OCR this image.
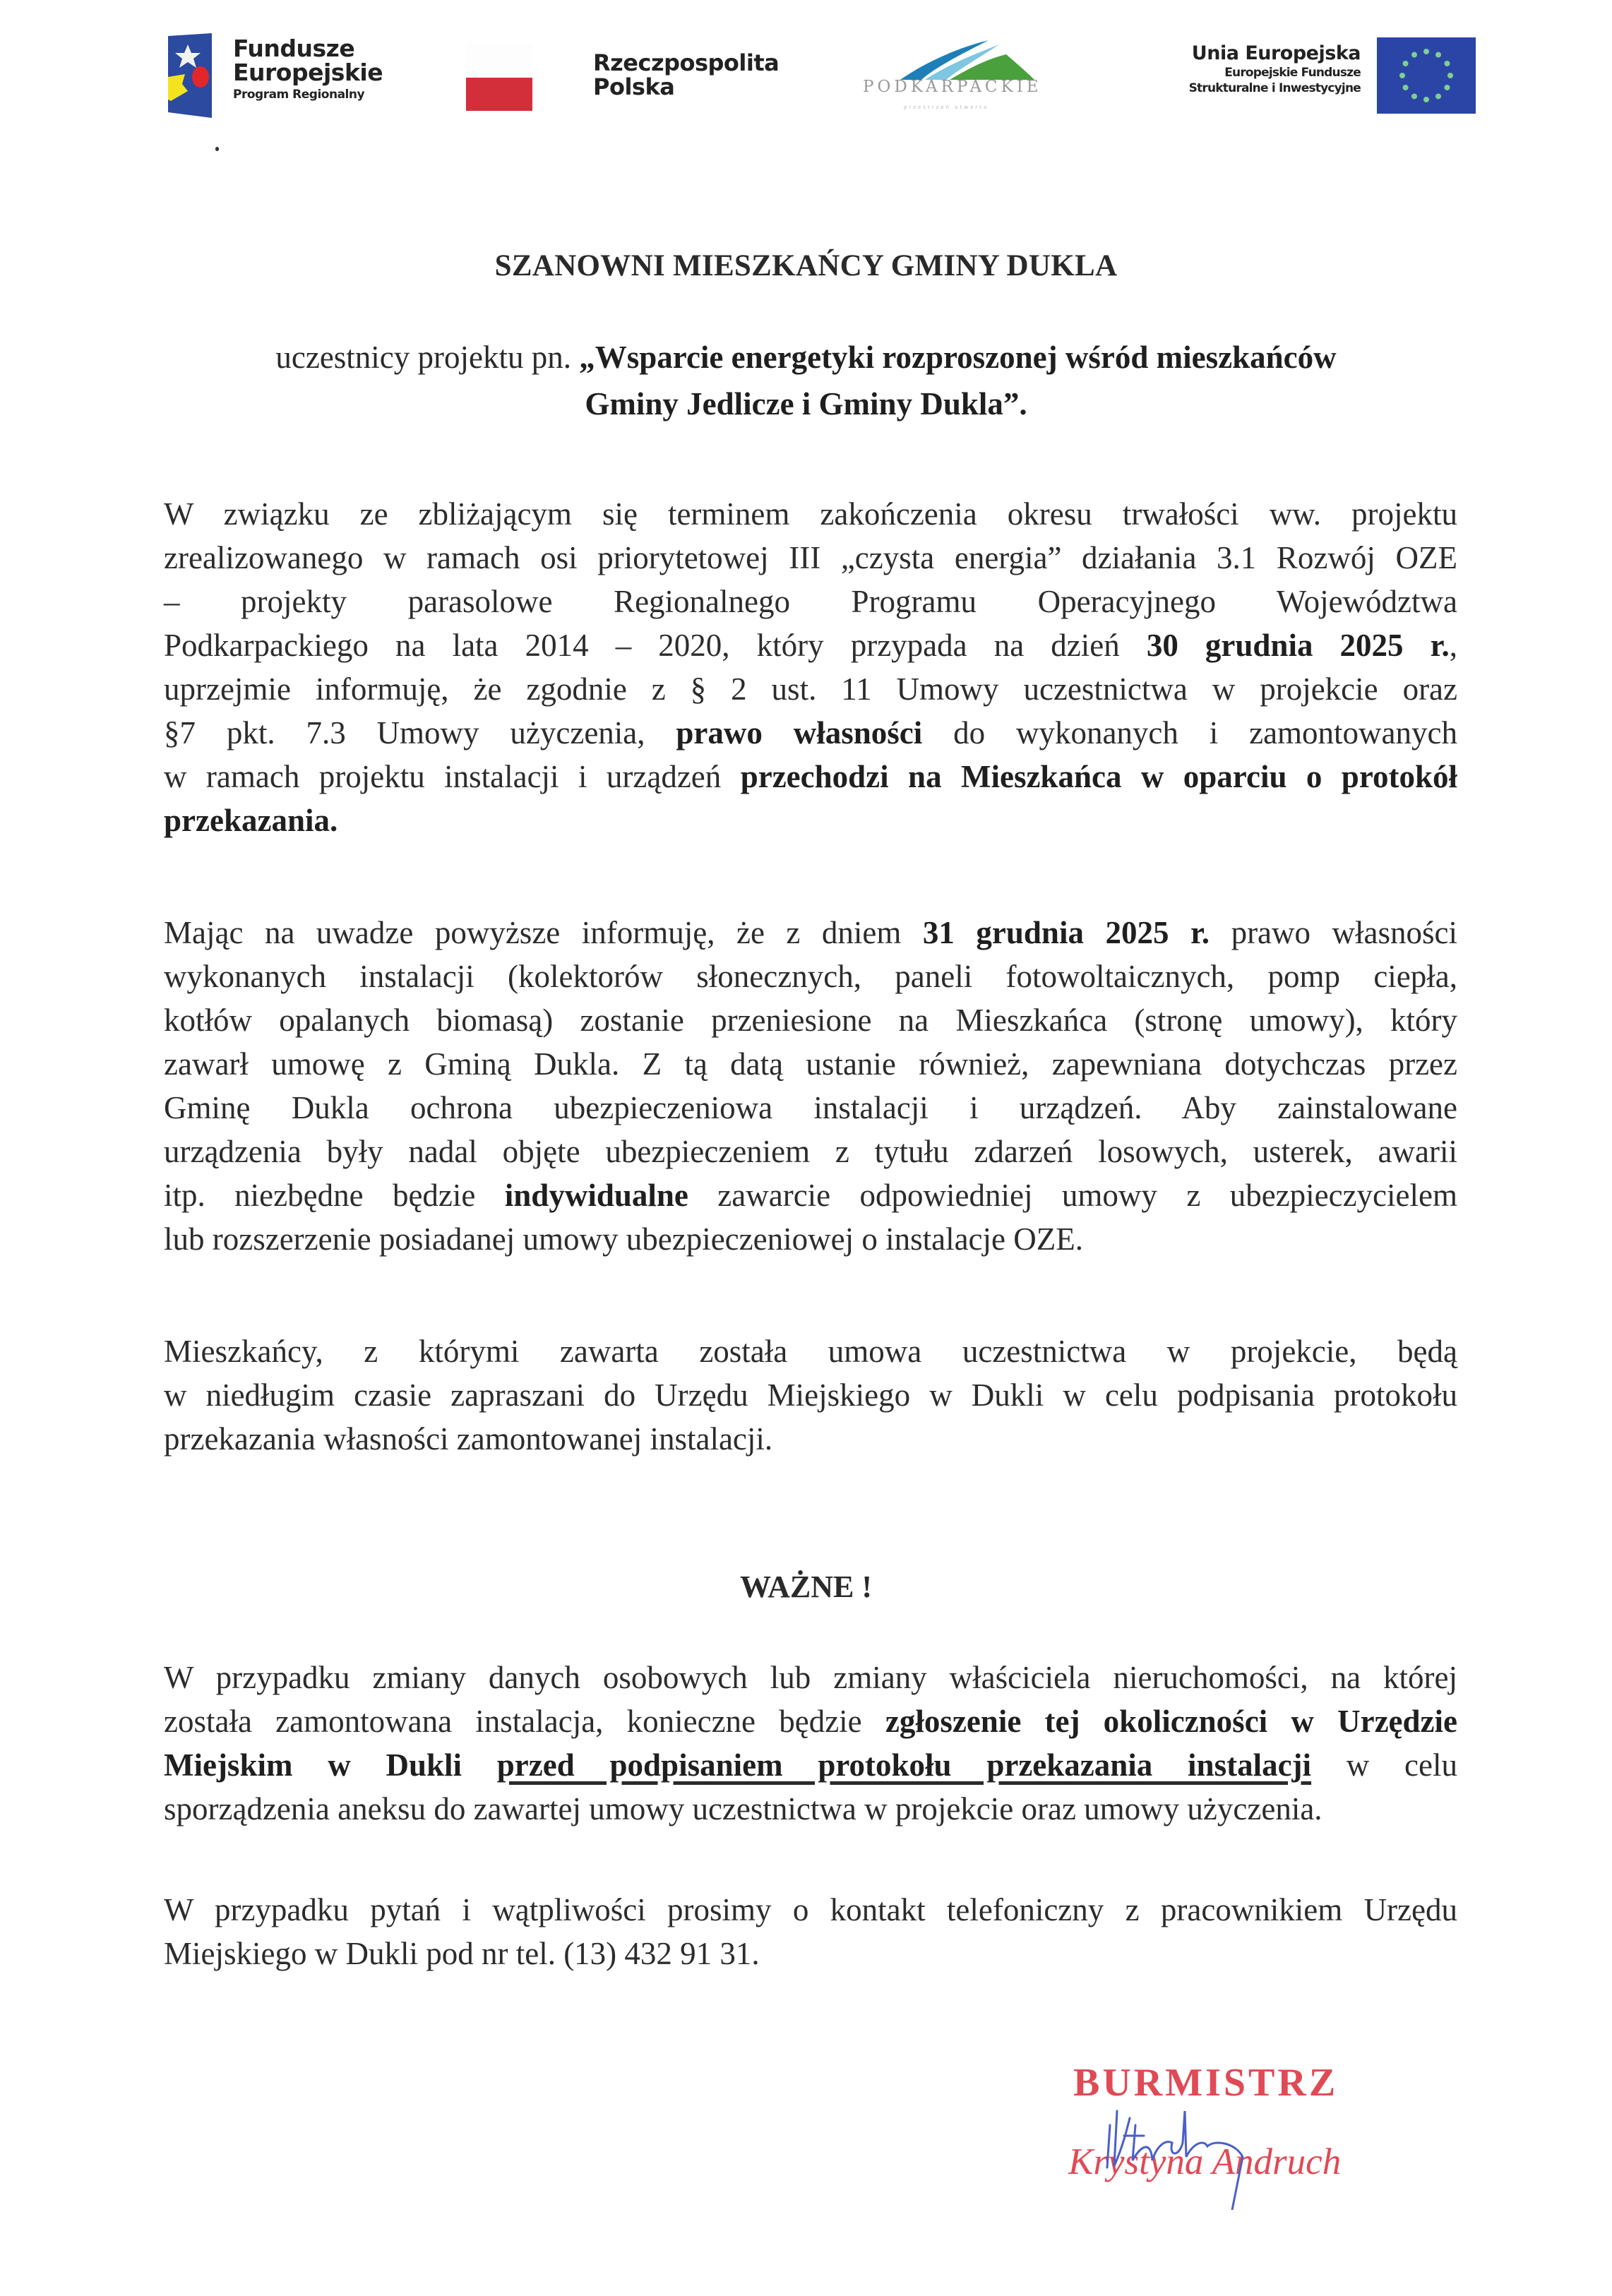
Fundusze
Europejskie
Program Regionalny
Rzeczpospolita
Polska	PODKARPACKIE
przestrzeń otwarta
Unia Europejska
Europejskie Fundusze
Strukturalne i Inwestycyjne
SZANOWNI MIESZKAŃCY GMINY DUKLA
uczestnicy projektu pn. „Wsparcie energetyki rozproszonej wśród mieszkańców
Gminy Jedlicze i Gminy Dukla”.
W związku ze zbliżającym się terminem zakończenia okresu trwałości ww. projektu
zrealizowanego w ramach osi priorytetowej III „czysta energia” działania 3.1 Rozwój OZE
– projekty parasolowe Regionalnego Programu Operacyjnego Województwa
Podkarpackiego na lata 2014 – 2020, który przypada na dzień 30 grudnia 2025 r.,
uprzejmie informuję, że zgodnie z § 2 ust. 11 Umowy uczestnictwa w projekcie oraz
§7 pkt. 7.3 Umowy użyczenia, prawo własności do wykonanych i zamontowanych
w ramach projektu instalacji i urządzeń przechodzi na Mieszkańca w oparciu o protokół
przekazania.
Mając na uwadze powyższe informuję, że z dniem 31 grudnia 2025 r. prawo własności
wykonanych instalacji (kolektorów słonecznych, paneli fotowoltaicznych, pomp ciepła,
kotłów opalanych biomasą) zostanie przeniesione na Mieszkańca (stronę umowy), który
zawarł umowę z Gminą Dukla. Z tą datą ustanie również, zapewniana dotychczas przez
Gminę Dukla ochrona ubezpieczeniowa instalacji i urządzeń. Aby zainstalowane
urządzenia były nadal objęte ubezpieczeniem z tytułu zdarzeń losowych, usterek, awarii
itp. niezbędne będzie indywidualne zawarcie odpowiedniej umowy z ubezpieczycielem
lub rozszerzenie posiadanej umowy ubezpieczeniowej o instalacje OZE.
Mieszkańcy, z którymi zawarta została umowa uczestnictwa w projekcie, będą
w niedługim czasie zapraszani do Urzędu Miejskiego w Dukli w celu podpisania protokołu
przekazania własności zamontowanej instalacji.
WAŻNE !
W przypadku zmiany danych osobowych lub zmiany właściciela nieruchomości, na której
została zamontowana instalacja, konieczne będzie zgłoszenie tej okoliczności w Urzędzie
Miejskim w Dukli przed podpisaniem protokołu przekazania instalacji w celu
sporządzenia aneksu do zawartej umowy uczestnictwa w projekcie oraz umowy użyczenia.
W przypadku pytań i wątpliwości prosimy o kontakt telefoniczny z pracownikiem Urzędu
Miejskiego w Dukli pod nr tel. (13) 432 91 31.
BURMISTRZ
Krystyna Andruch
